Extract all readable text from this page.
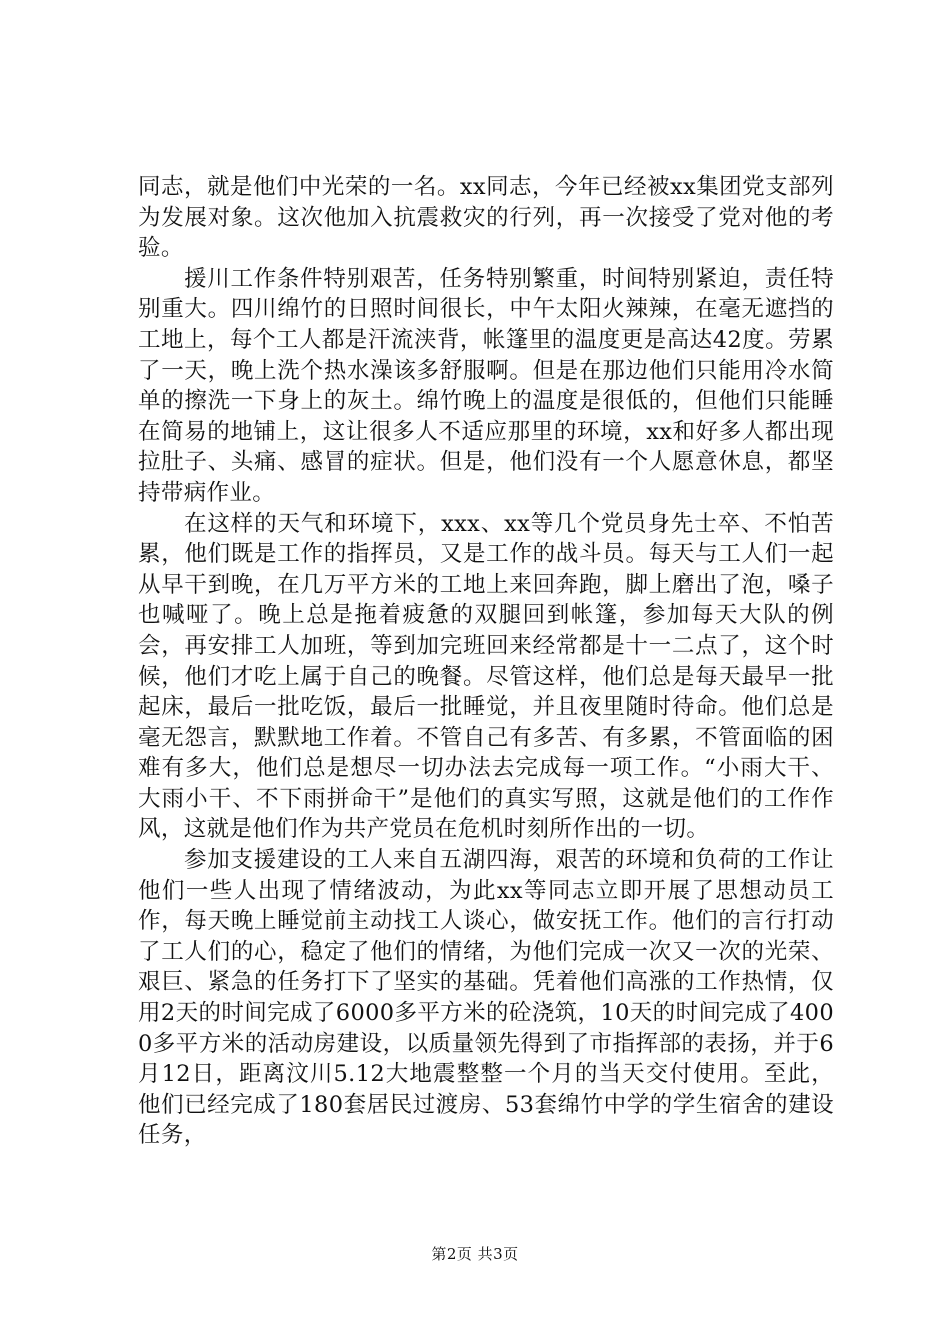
同志，就是他们中光荣的一名。xx同志，今年已经被xx集团党支部列为发展对象。这次他加入抗震救灾的行列，再一次接受了党对他的考验。

援川工作条件特别艰苦，任务特别繁重，时间特别紧迫，责任特别重大。四川绵竹的日照时间很长，中午太阳火辣辣，在毫无遮挡的工地上，每个工人都是汗流浃背，帐篷里的温度更是高达42度。劳累了一天，晚上洗个热水澡该多舒服啊。但是在那边他们只能用冷水简单的擦洗一下身上的灰土。绵竹晚上的温度是很低的，但他们只能睡在简易的地铺上，这让很多人不适应那里的环境，xx和好多人都出现拉肚子、头痛、感冒的症状。但是，他们没有一个人愿意休息，都坚持带病作业。

在这样的天气和环境下，xxx、xx等几个党员身先士卒、不怕苦累，他们既是工作的指挥员，又是工作的战斗员。每天与工人们一起从早干到晚，在几万平方米的工地上来回奔跑，脚上磨出了泡，嗓子也喊哑了。晚上总是拖着疲惫的双腿回到帐篷，参加每天大队的例会，再安排工人加班，等到加完班回来经常都是十一二点了，这个时候，他们才吃上属于自己的晚餐。尽管这样，他们总是每天最早一批起床，最后一批吃饭，最后一批睡觉，并且夜里随时待命。他们总是毫无怨言，默默地工作着。不管自己有多苦、有多累，不管面临的困难有多大，他们总是想尽一切办法去完成每一项工作。“小雨大干、大雨小干、不下雨拼命干”是他们的真实写照，这就是他们的工作作风，这就是他们作为共产党员在危机时刻所作出的一切。

参加支援建设的工人来自五湖四海，艰苦的环境和负荷的工作让他们一些人出现了情绪波动，为此xx等同志立即开展了思想动员工作，每天晚上睡觉前主动找工人谈心，做安抚工作。他们的言行打动了工人们的心，稳定了他们的情绪，为他们完成一次又一次的光荣、艰巨、紧急的任务打下了坚实的基础。凭着他们高涨的工作热情，仅用2天的时间完成了6000多平方米的砼浇筑，10天的时间完成了4000多平方米的活动房建设，以质量领先得到了市指挥部的表扬，并于6月12日，距离汶川5.12大地震整整一个月的当天交付使用。至此，他们已经完成了180套居民过渡房、53套绵竹中学的学生宿舍的建设任务，

第2页 共3页
